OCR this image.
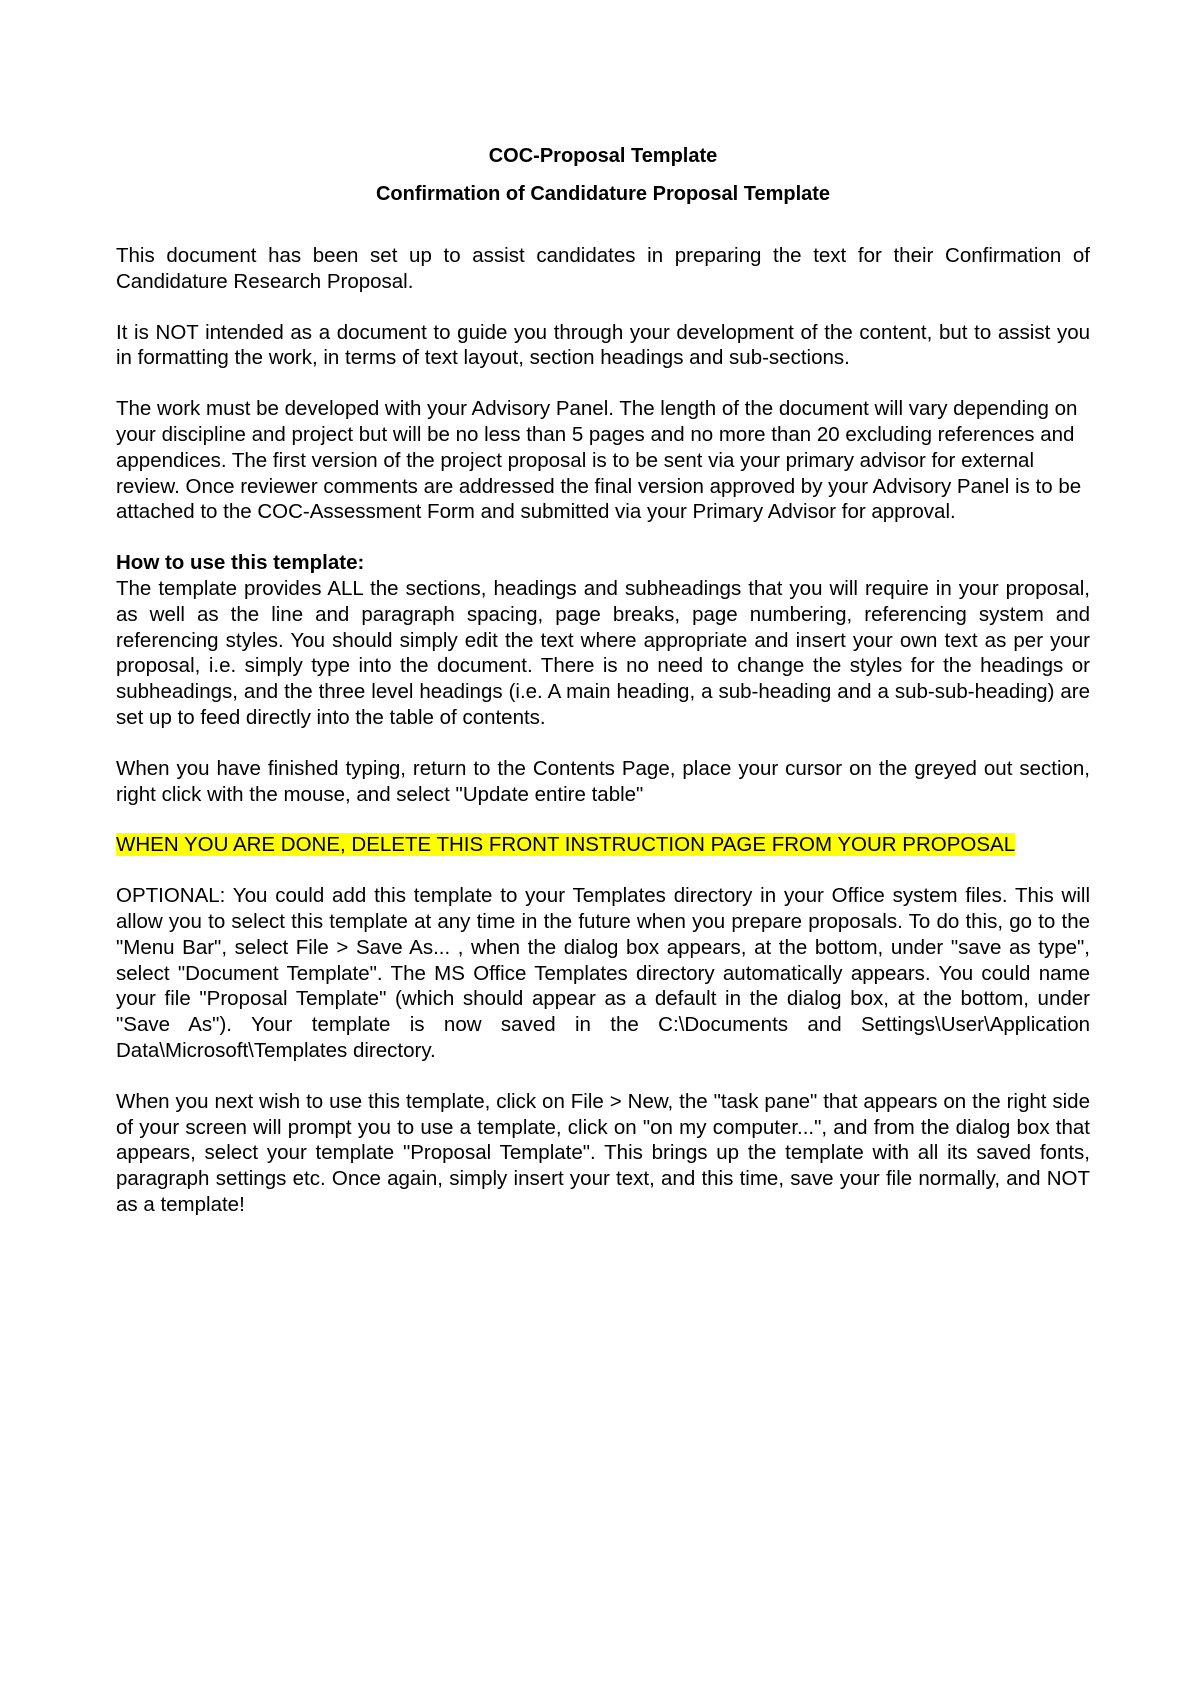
COC-Proposal Template
Confirmation of Candidature Proposal Template

This document has been set up to assist candidates in preparing the text for their Confirmation of Candidature Research Proposal.

It is NOT intended as a document to guide you through your development of the content, but to assist you in formatting the work, in terms of text layout, section headings and sub-sections.

The work must be developed with your Advisory Panel. The length of the document will vary depending on your discipline and project but will be no less than 5 pages and no more than 20 excluding references and appendices. The first version of the project proposal is to be sent via your primary advisor for external review. Once reviewer comments are addressed the final version approved by your Advisory Panel is to be attached to the COC-Assessment Form and submitted via your Primary Advisor for approval.

How to use this template:
The template provides ALL the sections, headings and subheadings that you will require in your proposal, as well as the line and paragraph spacing, page breaks, page numbering, referencing system and referencing styles. You should simply edit the text where appropriate and insert your own text as per your proposal, i.e. simply type into the document. There is no need to change the styles for the headings or subheadings, and the three level headings (i.e. A main heading, a sub-heading and a sub-sub-heading) are set up to feed directly into the table of contents.

When you have finished typing, return to the Contents Page, place your cursor on the greyed out section, right click with the mouse, and select "Update entire table"

WHEN YOU ARE DONE, DELETE THIS FRONT INSTRUCTION PAGE FROM YOUR PROPOSAL

OPTIONAL: You could add this template to your Templates directory in your Office system files. This will allow you to select this template at any time in the future when you prepare proposals. To do this, go to the "Menu Bar", select File > Save As... , when the dialog box appears, at the bottom, under "save as type", select "Document Template". The MS Office Templates directory automatically appears. You could name your file "Proposal Template" (which should appear as a default in the dialog box, at the bottom, under "Save As"). Your template is now saved in the C:\Documents and Settings\User\Application Data\Microsoft\Templates directory.

When you next wish to use this template, click on File > New, the "task pane" that appears on the right side of your screen will prompt you to use a template, click on "on my computer...", and from the dialog box that appears, select your template "Proposal Template". This brings up the template with all its saved fonts, paragraph settings etc. Once again, simply insert your text, and this time, save your file normally, and NOT as a template!
